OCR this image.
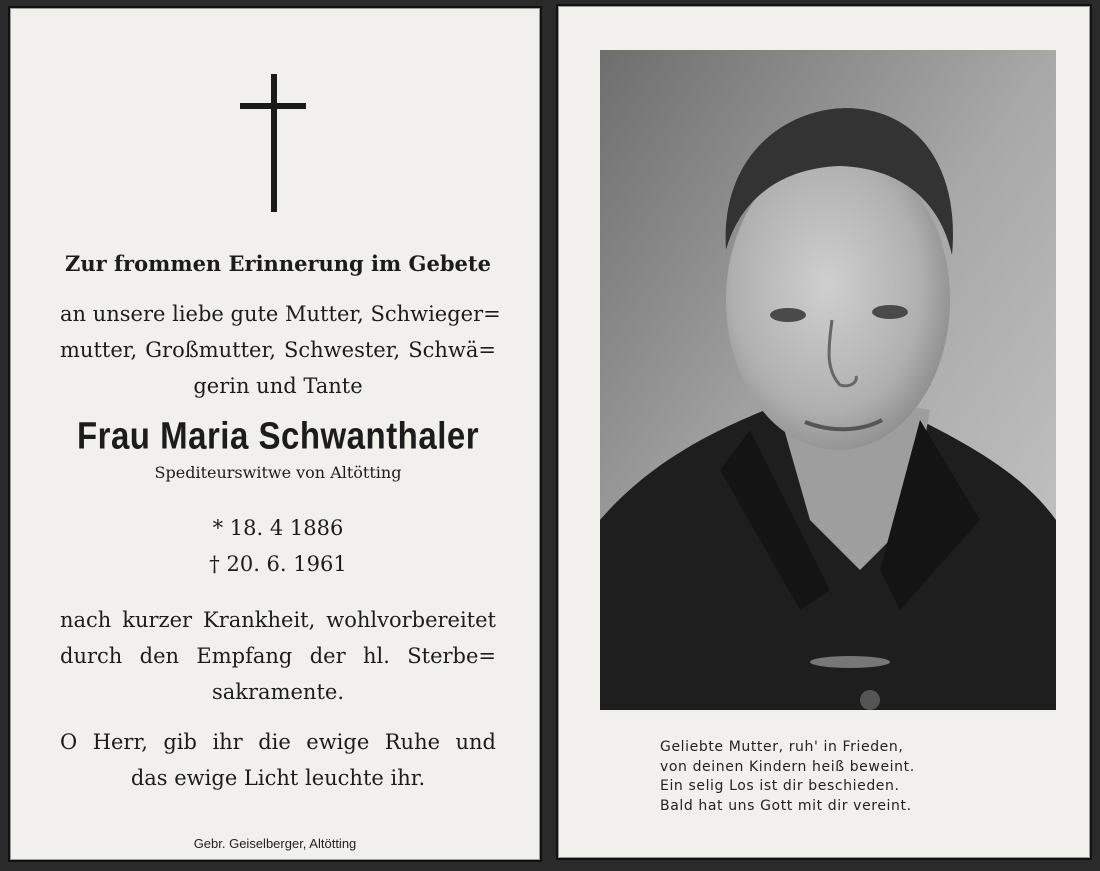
Zur frommen Erinnerung im Gebete
an unsere liebe gute Mutter, Schwieger=
mutter, Großmutter, Schwester, Schwä=
gerin und Tante
Frau Maria Schwanthaler
Spediteurswitwe von Altötting
* 18. 4 1886
† 20. 6. 1961
nach kurzer Krankheit, wohlvorbereitet
durch den Empfang der hl. Sterbe=
sakramente.
O Herr, gib ihr die ewige Ruhe und
das ewige Licht leuchte ihr.
Gebr. Geiselberger, Altötting
Geliebte Mutter, ruh' in Frieden,
von deinen Kindern heiß beweint.
Ein selig Los ist dir beschieden.
Bald hat uns Gott mit dir vereint.
